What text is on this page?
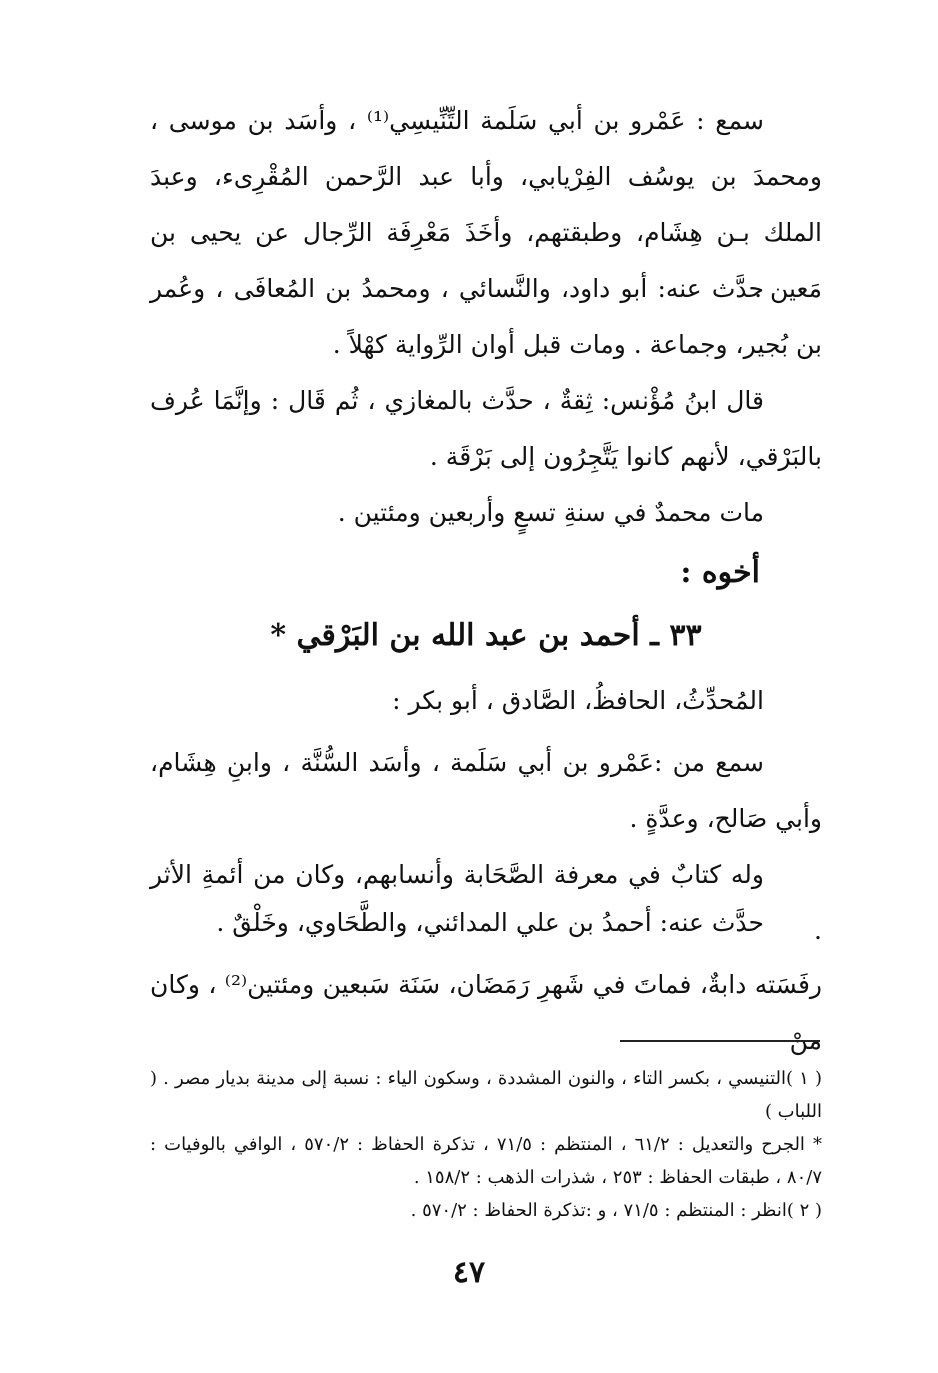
سمع : عَمْرو بن أبي سَلَمة التِّنِّيسِي⁽¹⁾ ، وأسَد بن موسى ، ومحمدَ بن يوسُف الفِرْيابي، وأبا عبد الرَّحمن المُقْرِىء، وعبدَ الملك بـن هِشَام، وطبقتهم، وأخَذَ مَعْرِفَة الرِّجال عن يحيى بن مَعين .

حدَّث عنه: أبو داود، والنَّسائي ، ومحمدُ بن المُعافَى ، وعُمر بن بُجير، وجماعة . ومات قبل أوان الرِّواية كهْلاً .

قال ابنُ مُؤْنس: ثِقةٌ ، حدَّث بالمغازي ، ثُم قَال : وإنَّمَا عُرف بالبَرْقي، لأنهم كانوا يَتَّجِرُون إلى بَرْقَة .

مات محمدٌ في سنةِ تسعٍ وأربعين ومئتين .

أخوه :

٣٣ ـ أحمد بن عبد الله بن البَرْقي *

المُحدِّثُ، الحافظُ، الصَّادق ، أبو بكر :

سمع من :عَمْرو بن أبي سَلَمة ، وأسَد السُّنَّة ، وابنِ هِشَام، وأبي صَالح، وعدَّةٍ .

وله كتابٌ في معرفة الصَّحَابة وأنسابهم، وكان من أئمةِ الأثر .

حدَّث عنه: أحمدُ بن علي المدائني، والطَّحَاوي، وخَلْقٌ .

رفَسَته دابةٌ، فماتَ في شَهرِ رَمَضَان، سَنَة سَبعين ومئتين⁽²⁾ ، وكان منْ

( ١ )التنيسي ، بكسر التاء ، والنون المشددة ، وسكون الياء : نسبة إلى مدينة بديار مصر . ( اللباب )

* الجرح والتعديل : ٦١/٢ ، المنتظم : ٧١/٥ ، تذكرة الحفاظ : ٥٧٠/٢ ، الوافي بالوفيات : ٨٠/٧ ، طبقات الحفاظ : ٢٥٣ ، شذرات الذهب : ١٥٨/٢ .

( ٢ )انظر : المنتظم : ٧١/٥ ، و :تذكرة الحفاظ : ٥٧٠/٢ .

٤٧
